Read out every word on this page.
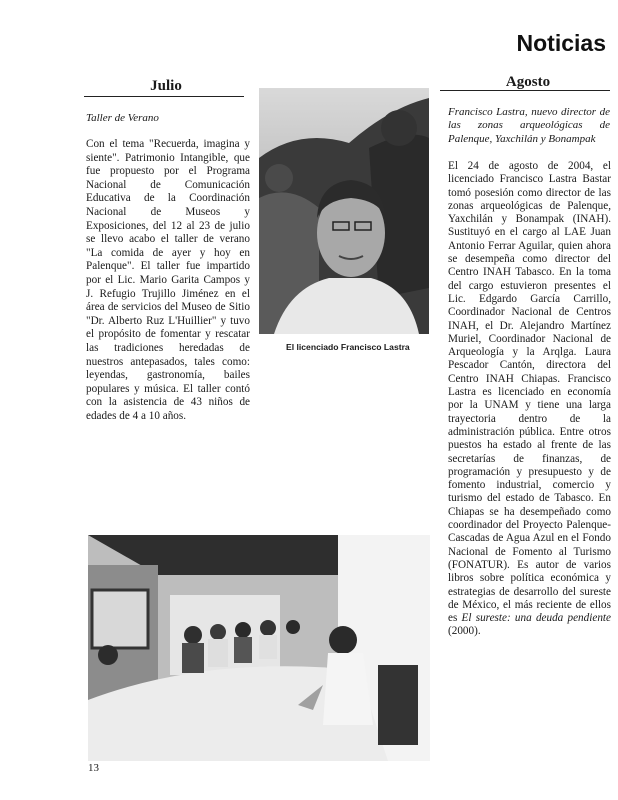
Noticias
Julio	Agosto
Taller de Verano

Con el tema "Recuerda, imagina y siente". Patrimonio Intangible, que fue propuesto por el Programa Nacional de Comunicación Educativa de la Coordinación Nacional de Museos y Exposiciones, del 12 al 23 de julio se llevo acabo el taller de verano "La comida de ayer y hoy en Palenque". El taller fue impartido por el Lic. Mario Garita Campos y J. Refugio Trujillo Jiménez en el área de servicios del Museo de Sitio "Dr. Alberto Ruz L'Huillier" y tuvo el propósito de fomentar y rescatar las tradiciones heredadas de nuestros antepasados, tales como: leyendas, gastronomía, bailes populares y música. El taller contó con la asistencia de 43 niños de edades de 4 a 10 años.

El licenciado Francisco Lastra
Francisco Lastra, nuevo director de las zonas arqueológicas de Palenque, Yaxchilán y Bonampak

El 24 de agosto de 2004, el licenciado Francisco Lastra Bastar tomó posesión como director de las zonas arqueológicas de Palenque, Yaxchilán y Bonampak (INAH). Sustituyó en el cargo al LAE Juan Antonio Ferrar Aguilar, quien ahora se desempeña como director del Centro INAH Tabasco. En la toma del cargo estuvieron presentes el Lic. Edgardo García Carrillo, Coordinador Nacional de Centros INAH, el Dr. Alejandro Martínez Muriel, Coordinador Nacional de Arqueología y la Arqlga. Laura Pescador Cantón, directora del Centro INAH Chiapas. Francisco Lastra es licenciado en economía por la UNAM y tiene una larga trayectoria dentro de la administración pública. Entre otros puestos ha estado al frente de las secretarías de finanzas, de programación y presupuesto y de fomento industrial, comercio y turismo del estado de Tabasco. En Chiapas se ha desempeñado como coordinador del Proyecto Palenque-Cascadas de Agua Azul en el Fondo Nacional de Fomento al Turismo (FONATUR). Es autor de varios libros sobre política económica y estrategias de desarrollo del sureste de México, el más reciente de ellos es El sureste: una deuda pendiente (2000).

13
